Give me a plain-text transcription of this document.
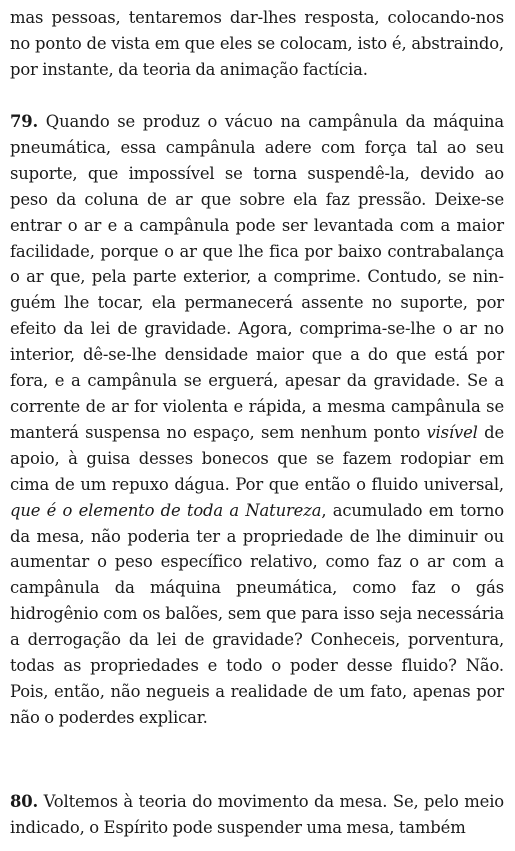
mas pessoas, tentaremos dar-lhes resposta, colocando-nos no ponto de vista em que eles se colocam, isto é, abstraindo, por instante, da teoria da animação factícia.

79. Quando se produz o vácuo na campânula da máquina pneumática, essa campânula adere com força tal ao seu suporte, que impossível se torna suspendê-la, devido ao peso da coluna de ar que sobre ela faz pressão. Deixe-se entrar o ar e a campânula pode ser levantada com a maior facilidade, porque o ar que lhe fica por baixo contrabalança o ar que, pela parte exterior, a comprime. Contudo, se ninguém lhe tocar, ela permanecerá assente no suporte, por efeito da lei de gravidade. Agora, comprima-se-lhe o ar no interior, dê-se-lhe densidade maior que a do que está por fora, e a campânula se erguerá, apesar da gravidade. Se a corrente de ar for violenta e rápida, a mesma campânula se manterá suspensa no espaço, sem nenhum ponto visível de apoio, à guisa desses bonecos que se fazem rodopiar em cima de um repuxo dágua. Por que então o fluido universal, que é o elemento de toda a Natureza, acumulado em torno da mesa, não poderia ter a propriedade de lhe diminuir ou aumentar o peso específico relativo, como faz o ar com a campânula da máquina pneumática, como faz o gás hidrogênio com os balões, sem que para isso seja necessária a derrogação da lei de gravidade? Conheceis, porventura, todas as propriedades e todo o poder desse fluido? Não. Pois, então, não negueis a realidade de um fato, apenas por não o poderdes explicar.

80. Voltemos à teoria do movimento da mesa. Se, pelo meio indicado, o Espírito pode suspender uma mesa, também
